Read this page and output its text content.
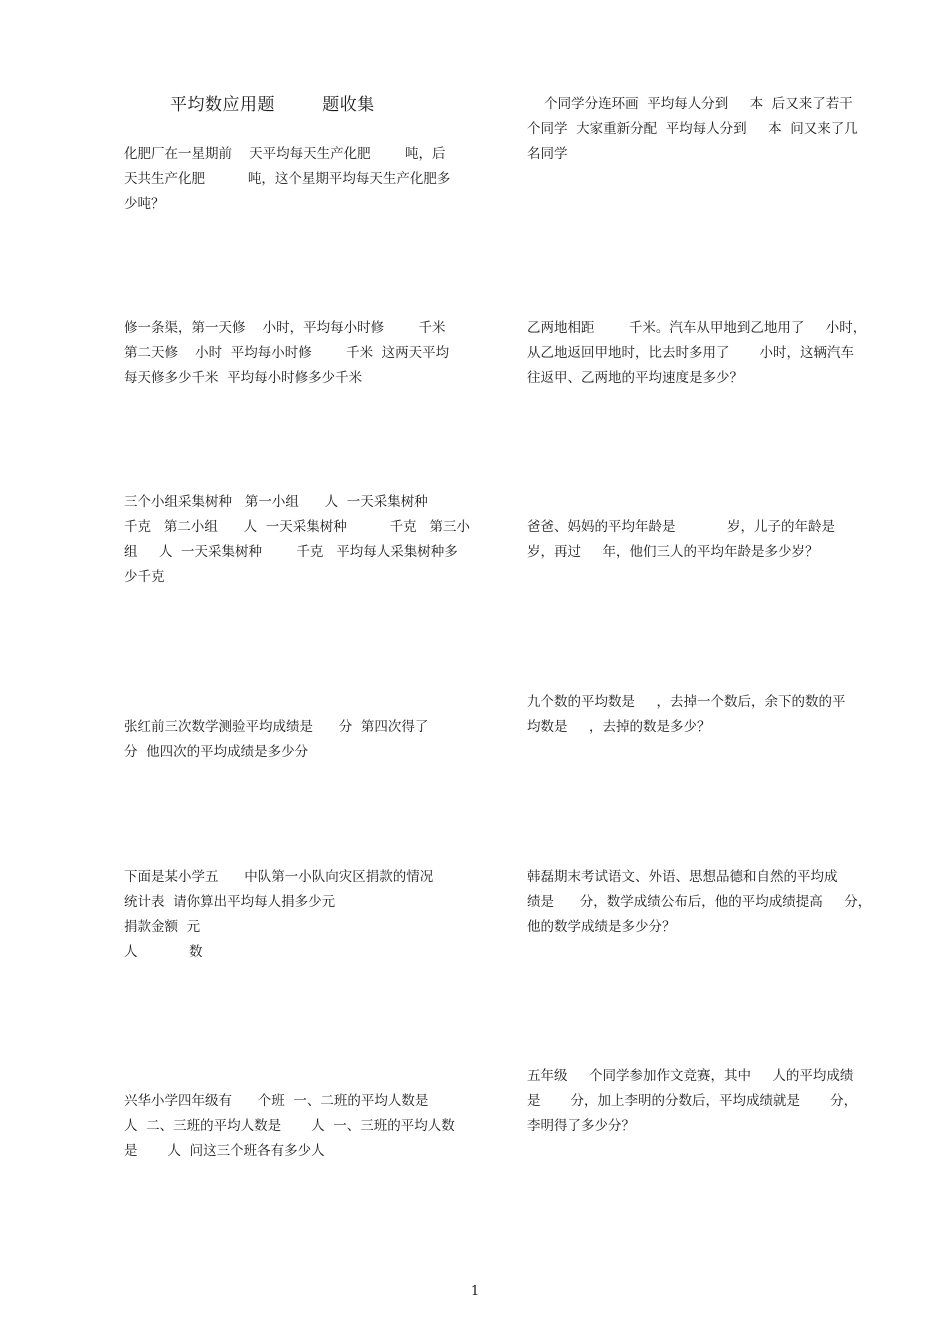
平均数应用题        题收集
化肥厂在一星期前    天平均每天生产化肥        吨，后
天共生产化肥          吨，这个星期平均每天生产化肥多
少吨？
修一条渠，第一天修    小时，平均每小时修        千米
第二天修    小时  平均每小时修        千米  这两天平均
每天修多少千米  平均每小时修多少千米
三个小组采集树种   第一小组      人  一天采集树种
千克   第二小组      人  一天采集树种          千克   第三小
组     人  一天采集树种        千克   平均每人采集树种多
少千克
张红前三次数学测验平均成绩是      分  第四次得了
分  他四次的平均成绩是多少分
下面是某小学五      中队第一小队向灾区捐款的情况
统计表  请你算出平均每人捐多少元
捐款金额  元
人            数
兴华小学四年级有      个班  一、二班的平均人数是
人  二、三班的平均人数是       人  一、三班的平均人数
是       人  问这三个班各有多少人
个同学分连环画  平均每人分到     本  后又来了若干
个同学  大家重新分配  平均每人分到     本  问又来了几
名同学
乙两地相距        千米。汽车从甲地到乙地用了     小时，
从乙地返回甲地时，比去时多用了       小时，这辆汽车
往返甲、乙两地的平均速度是多少？
爸爸、妈妈的平均年龄是            岁，儿子的年龄是
岁，再过     年，他们三人的平均年龄是多少岁？
九个数的平均数是     ，去掉一个数后，余下的数的平
均数是     ，去掉的数是多少？
韩磊期末考试语文、外语、思想品德和自然的平均成
绩是      分，数学成绩公布后，他的平均成绩提高     分，
他的数学成绩是多少分？
五年级     个同学参加作文竞赛，其中     人的平均成绩
是       分，加上李明的分数后，平均成绩就是       分，
李明得了多少分？
1
